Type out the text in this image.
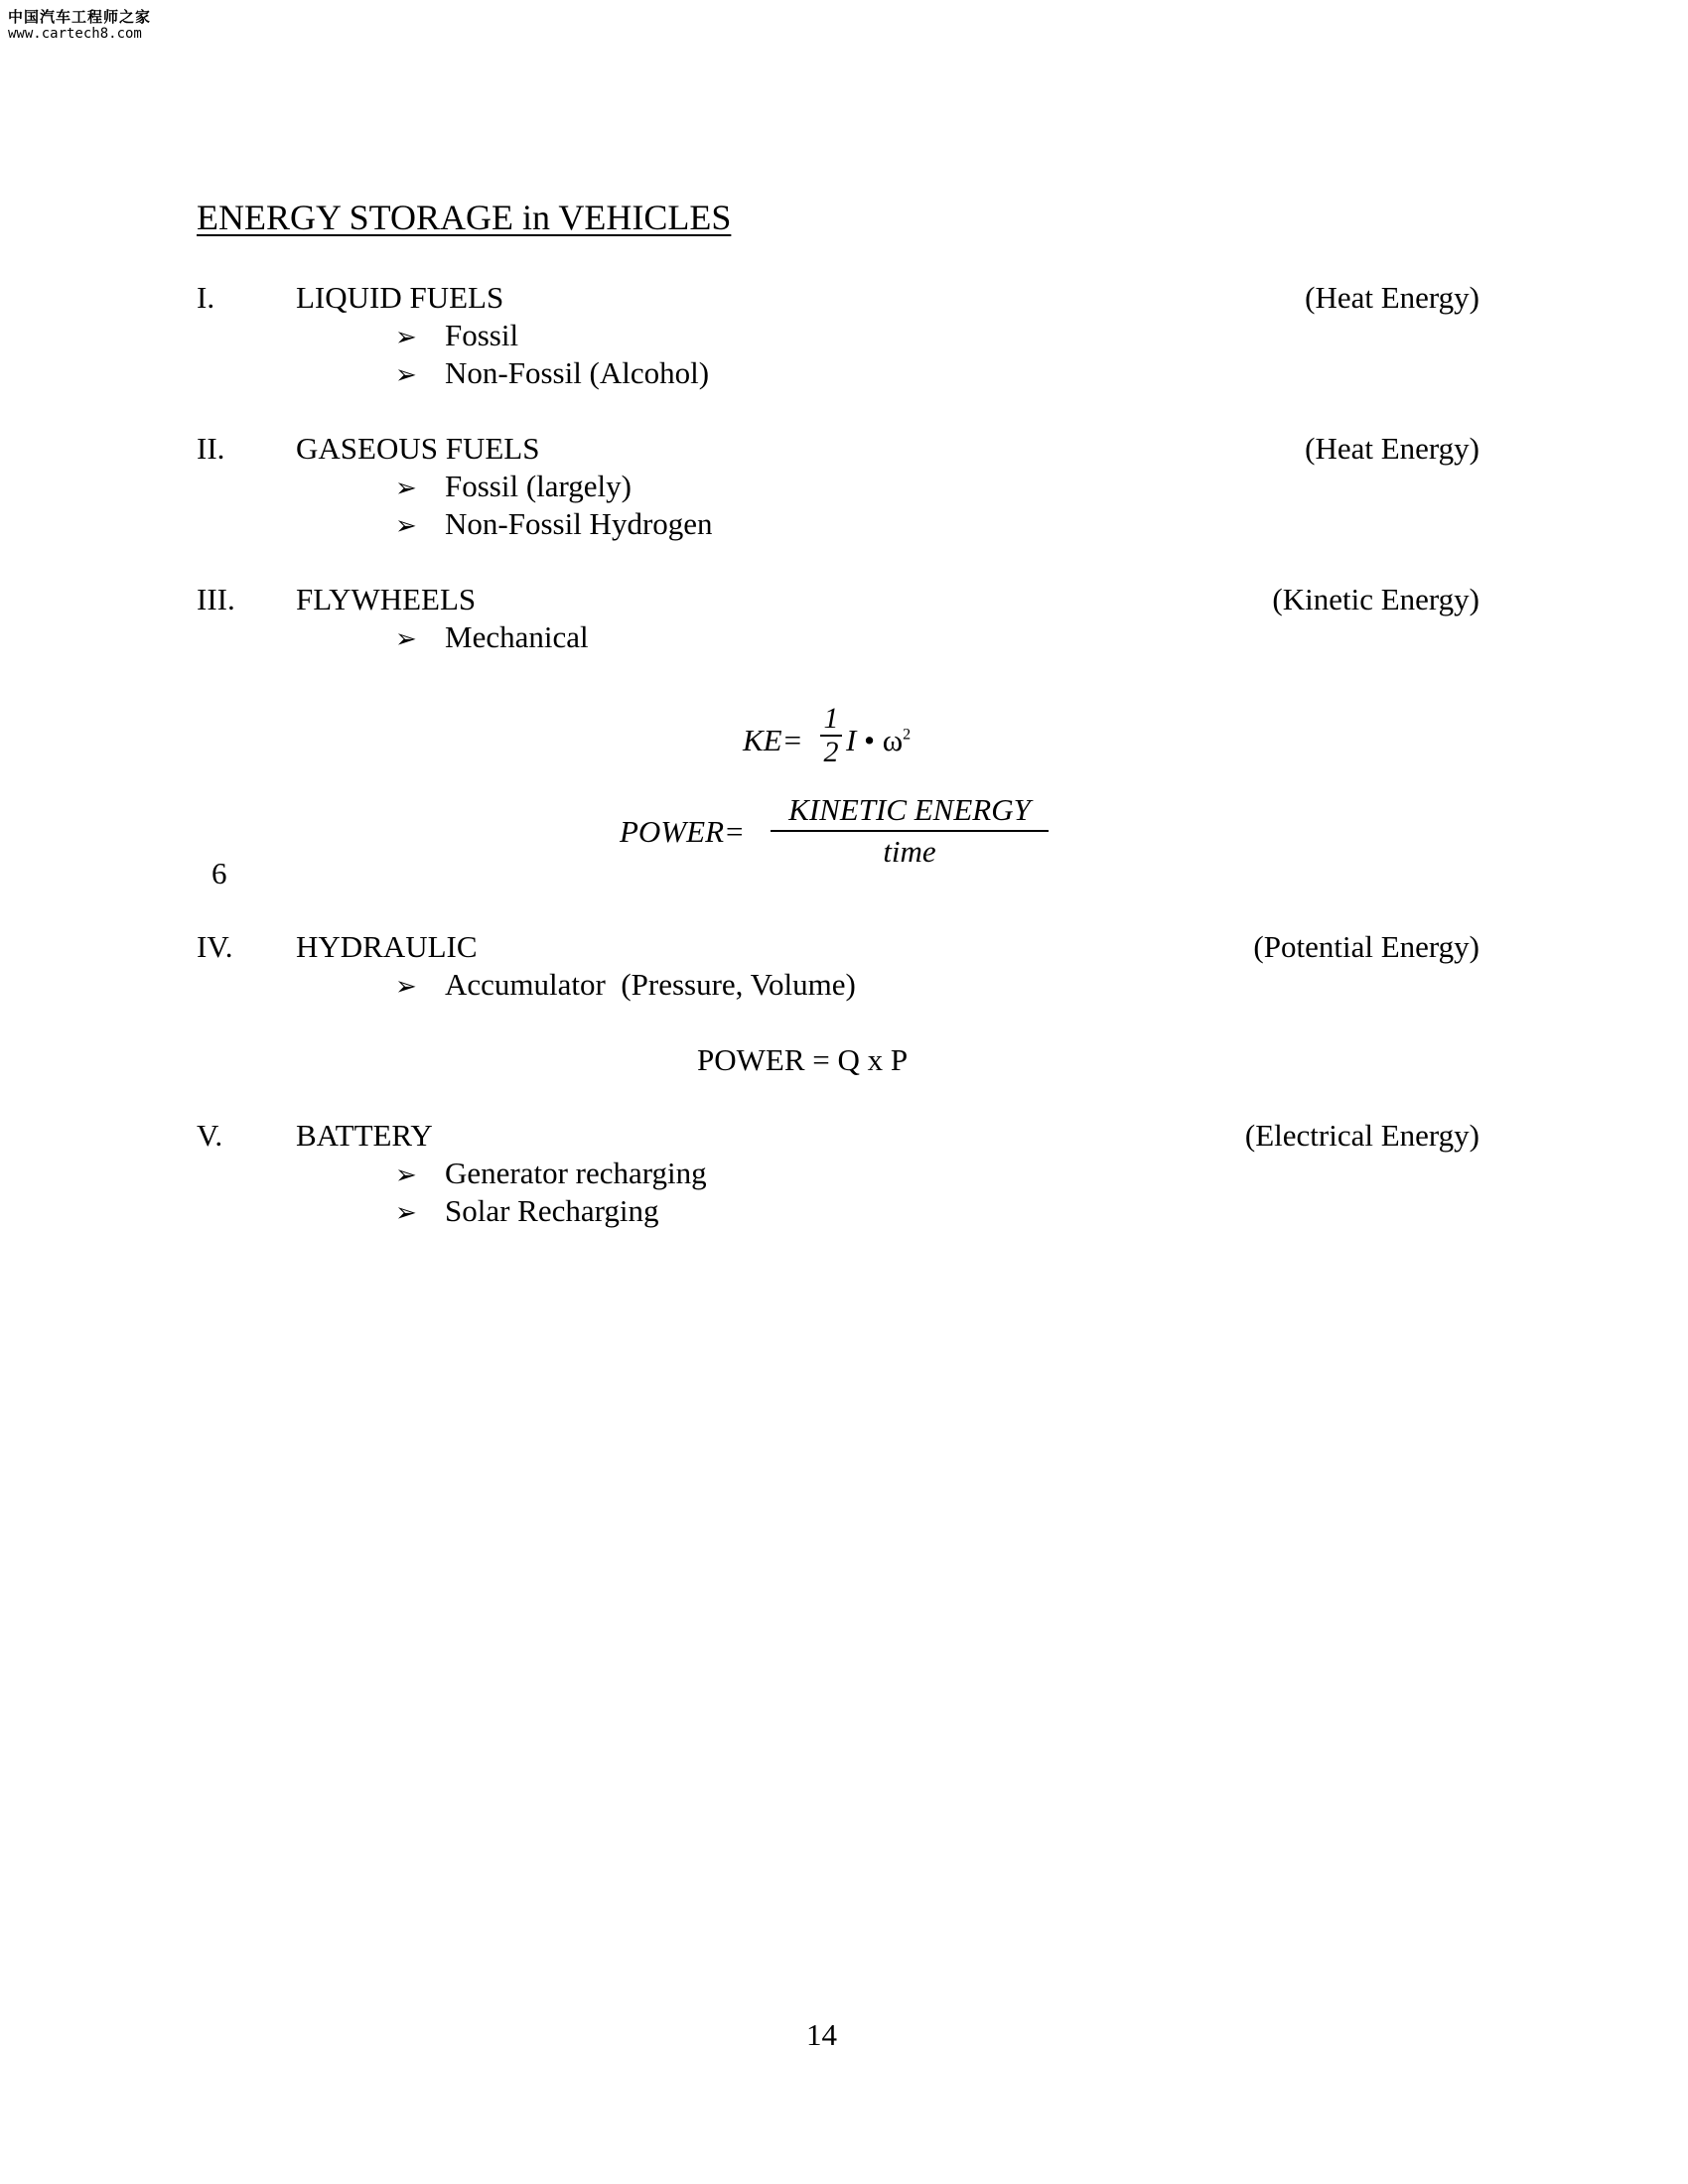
中国汽车工程师之家
www.cartech8.com
ENERGY STORAGE in VEHICLES
I.	LIQUID FUELS	(Heat Energy)
➢Fossil
➢Non-Fossil (Alcohol)
II. GASEOUS FUELS	(Heat Energy)
➢Fossil (largely)
➢Non-Fossil Hydrogen
III. FLYWHEELS	(Kinetic Energy)
➢Mechanical
KE=
1
2 I • $\omega^2$
POWER=
KINETIC ENERGY
time
6
IV. HYDRAULIC	(Potential Energy)
➢ Accumulator  (Pressure, Volume)
POWER = Q x P
V. BATTERY	(Electrical Energy)
➢Generator recharging
➢Solar Recharging
14
